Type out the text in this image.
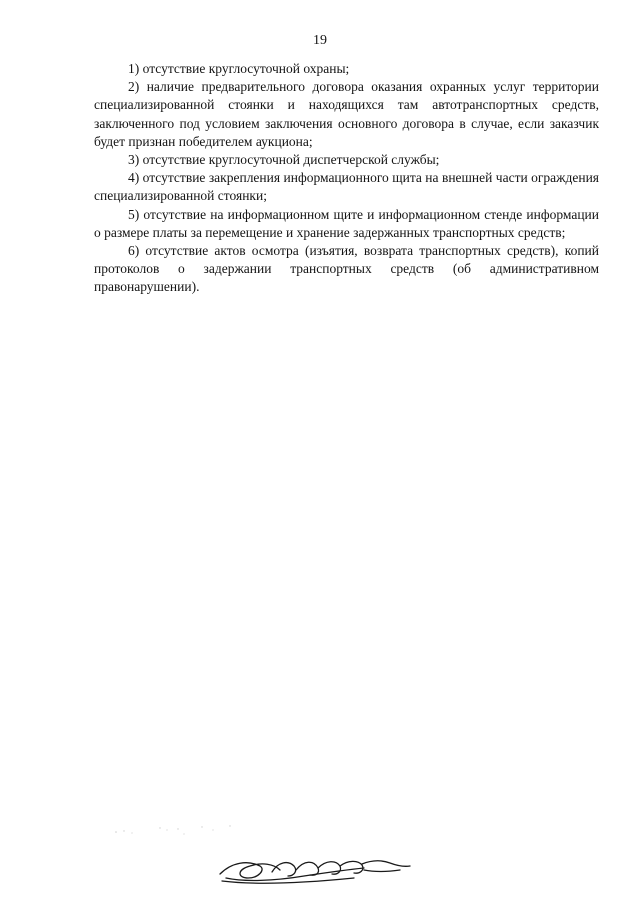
19

1) отсутствие круглосуточной охраны;

2) наличие предварительного договора оказания охранных услуг территории специализированной стоянки и находящихся там автотранспортных средств, заключенного под условием заключения основного договора в случае, если заказчик будет признан победителем аукциона;

3) отсутствие круглосуточной диспетчерской службы;

4) отсутствие закрепления информационного щита на внешней части ограждения специализированной стоянки;

5) отсутствие на информационном щите и информационном стенде информации о размере платы за перемещение и хранение задержанных транспортных средств;

6) отсутствие актов осмотра (изъятия, возврата транспортных средств), копий протоколов о задержании транспортных средств (об административном правонарушении).
